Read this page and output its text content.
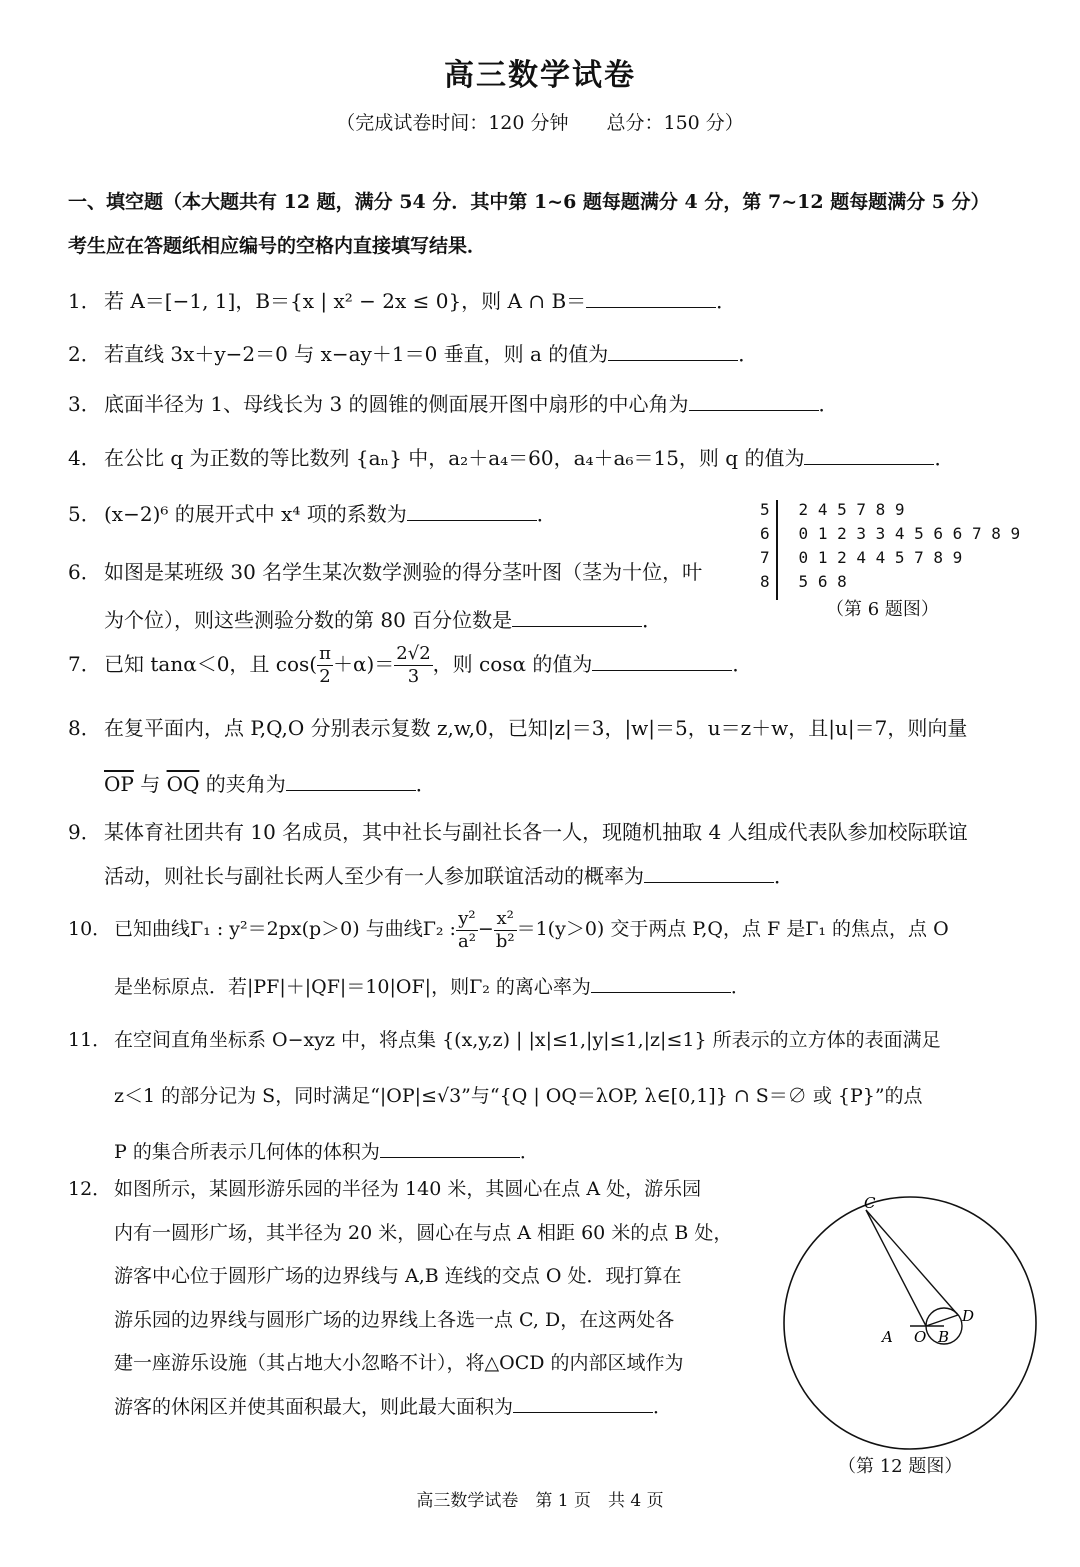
高三数学试卷
（完成试卷时间：120 分钟　　总分：150 分）
一、填空题（本大题共有 12 题，满分 54 分．其中第 1~6 题每题满分 4 分，第 7~12 题每题满分 5 分）
考生应在答题纸相应编号的空格内直接填写结果．
1． 若 A＝[−1, 1]，B＝{x | x² − 2x ≤ 0}，则 A ∩ B＝	．
2． 若直线 3x＋y−2＝0 与 x−ay＋1＝0 垂直，则 a 的值为	．
3． 底面半径为 1、母线长为 3 的圆锥的侧面展开图中扇形的中心角为	．
4． 在公比 q 为正数的等比数列 {aₙ} 中，a₂＋a₄＝60，a₄＋a₆＝15，则 q 的值为	．
5． (x−2)⁶ 的展开式中 x⁴ 项的系数为	．
6． 如图是某班级 30 名学生某次数学测验的得分茎叶图（茎为十位，叶
为个位），则这些测验分数的第 80 百分位数是	．
5 2 4 5 7 8 9
6 0 1 2 3 3 4 5 6 6 7 8 9
7 0 1 2 4 4 5 7 8 9
8 5 6 8
（第 6 题图）
7． 已知 tanα＜0，且 $\cos( \frac{\pi}{2} +\alpha)= \frac{2√2}{3}$ ，则 cosα 的值为	．
8． 在复平面内，点 P,Q,O 分别表示复数 z,w,0，已知|z|＝3，|w|＝5，u＝z＋w，且|u|＝7，则向量
$\overline{OP}$ 与 $\overline{OQ}$ 的夹角为	．
9． 某体育社团共有 10 名成员，其中社长与副社长各一人，现随机抽取 4 人组成代表队参加校际联谊
活动，则社长与副社长两人至少有一人参加联谊活动的概率为	．
10． 已知曲线Γ₁ : y²＝2px(p＞0) 与曲线Γ₂ : $\frac{\text{y²}}{\text{a²}} - \frac{\text{x²}}{\text{b²}} =1(y>0)$ 交于两点 P,Q，点 F 是Γ₁ 的焦点，点 O
是坐标原点．若|PF|＋|QF|＝10|OF|，则Γ₂ 的离心率为	．
11． 在空间直角坐标系 O−xyz 中，将点集 {(x,y,z) | |x|≤1,|y|≤1,|z|≤1} 所表示的立方体的表面满足
z＜1 的部分记为 S，同时满足“|OP|≤√3”与“{Q | OQ＝λOP, λ∈[0,1]} ∩ S＝∅ 或 {P}”的点
P 的集合所表示几何体的体积为	．
12． 如图所示，某圆形游乐园的半径为 140 米，其圆心在点 A 处，游乐园
内有一圆形广场，其半径为 20 米，圆心在与点 A 相距 60 米的点 B 处，
游客中心位于圆形广场的边界线与 A,B 连线的交点 O 处．现打算在
游乐园的边界线与圆形广场的边界线上各选一点 C, D，在这两处各
建一座游乐设施（其占地大小忽略不计），将△OCD 的内部区域作为
游客的休闲区并使其面积最大，则此最大面积为	．
C
D
A O B
（第 12 题图）
高三数学试卷　第 1 页　共 4 页
